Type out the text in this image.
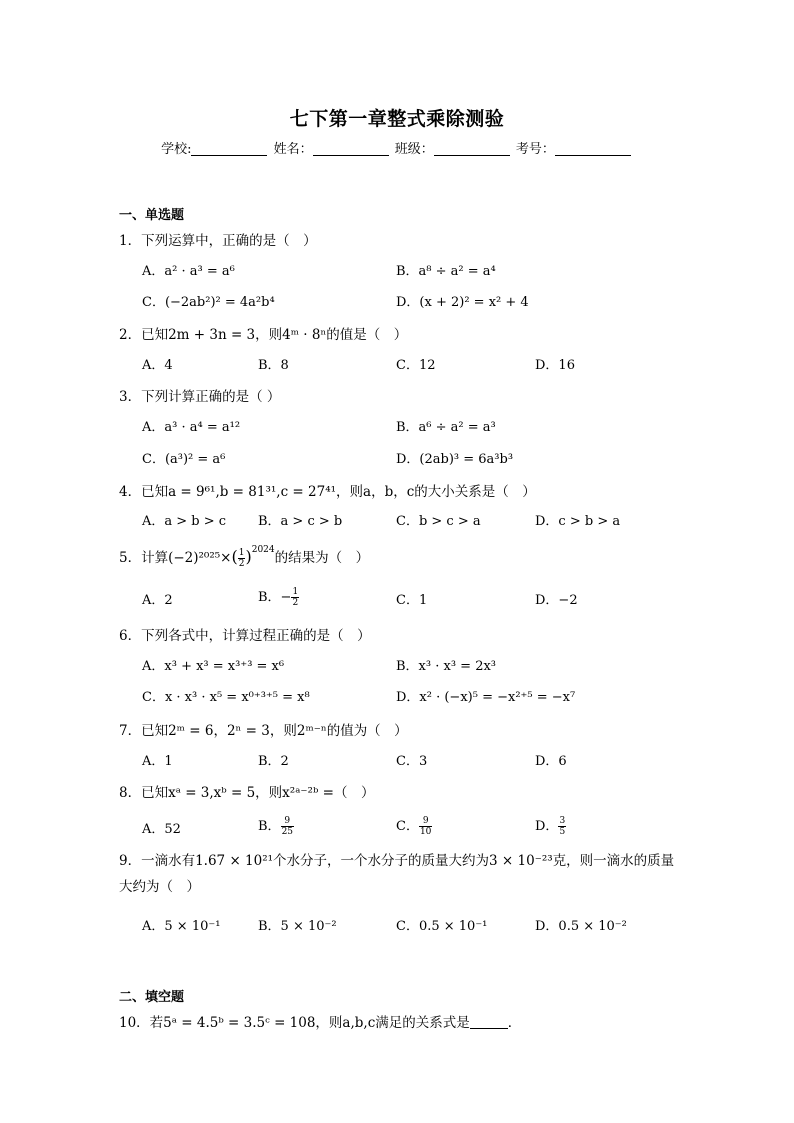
七下第一章整式乘除测验
学校:	姓名：	班级：	考号：
一、单选题
1．下列运算中，正确的是（　）
A．a² · a³ = a⁶	B．a⁸ ÷ a² = a⁴
C．(−2ab²)² = 4a²b⁴	D．(x + 2)² = x² + 4
2．已知2m + 3n = 3，则4ᵐ · 8ⁿ的值是（　）
A．4	B．8	C．12	D．16
3．下列计算正确的是（ ）
A．a³ · a⁴ = a¹²	B．a⁶ ÷ a² = a³
C．(a³)² = a⁶	D．(2ab)³ = 6a³b³
4．已知a = 9⁶¹,b = 81³¹,c = 27⁴¹，则a，b，c的大小关系是（　）
A．a > b > c B．a > c > b	C．b > c > a	D．c > b > a
5．计算$(-2)^{2025}\times( \frac{1}{2} )^{2024}$的结果为（　）
A．2	B．− $\frac{1}{2}$	C．1	D．−2
6．下列各式中，计算过程正确的是（　）
A．x³ + x³ = x³⁺³ = x⁶	B．x³ · x³ = 2x³
C．x · x³ · x⁵ = x⁰⁺³⁺⁵ = x⁸	D．x² · (−x)⁵ = −x²⁺⁵ = −x⁷
7．已知2ᵐ = 6，2ⁿ = 3，则2ᵐ⁻ⁿ的值为（　）
A．1	B．2	C．3	D．6
8．已知xᵃ = 3,xᵇ = 5，则x²ᵃ⁻²ᵇ =（　）
A．52	B． $\frac{9}{25}$	C． $\frac{9}{10}$	D． $\frac{3}{5}$
9．一滴水有1.67 × 10²¹个水分子，一个水分子的质量大约为3 × 10⁻²³克，则一滴水的质量大约为（　）
A．5 × 10⁻¹	B．5 × 10⁻²	C．0.5 × 10⁻¹	D．0.5 × 10⁻²
二、填空题
10．若5ᵃ = 4.5ᵇ = 3.5ᶜ = 108，则a,b,c满足的关系式是	．
